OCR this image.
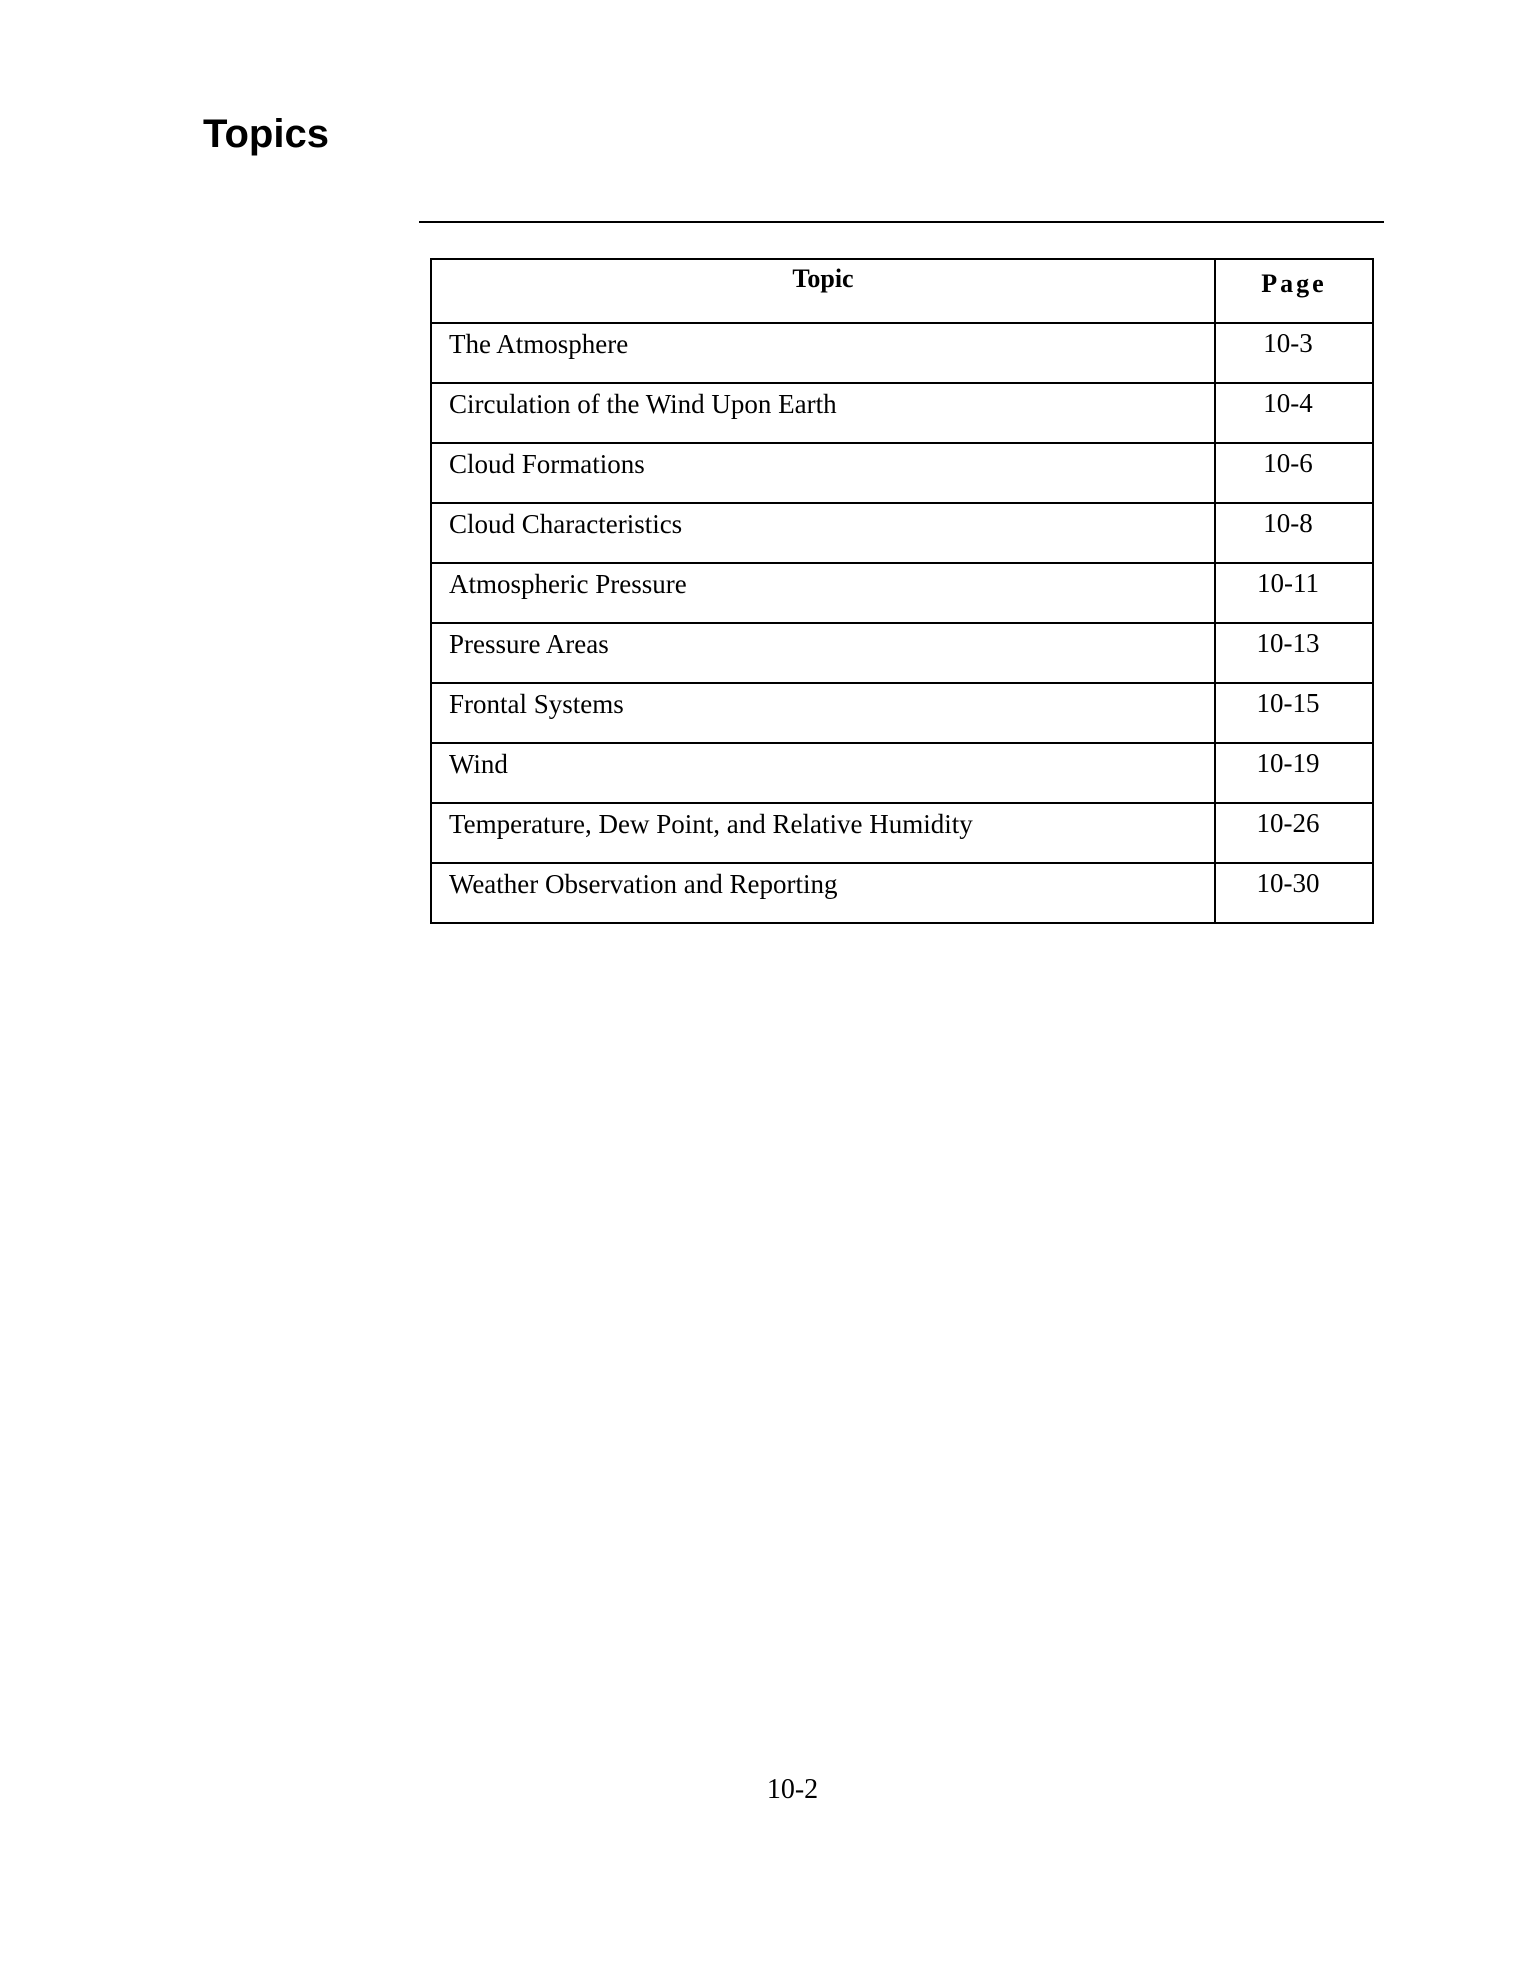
Topics
Topic	Page
The Atmosphere	10-3
Circulation of the Wind Upon Earth	10-4
Cloud Formations	10-6
Cloud Characteristics	10-8
Atmospheric Pressure	10-11
Pressure Areas	10-13
Frontal Systems	10-15
Wind	10-19
Temperature, Dew Point, and Relative Humidity	10-26
Weather Observation and Reporting	10-30
10-2
